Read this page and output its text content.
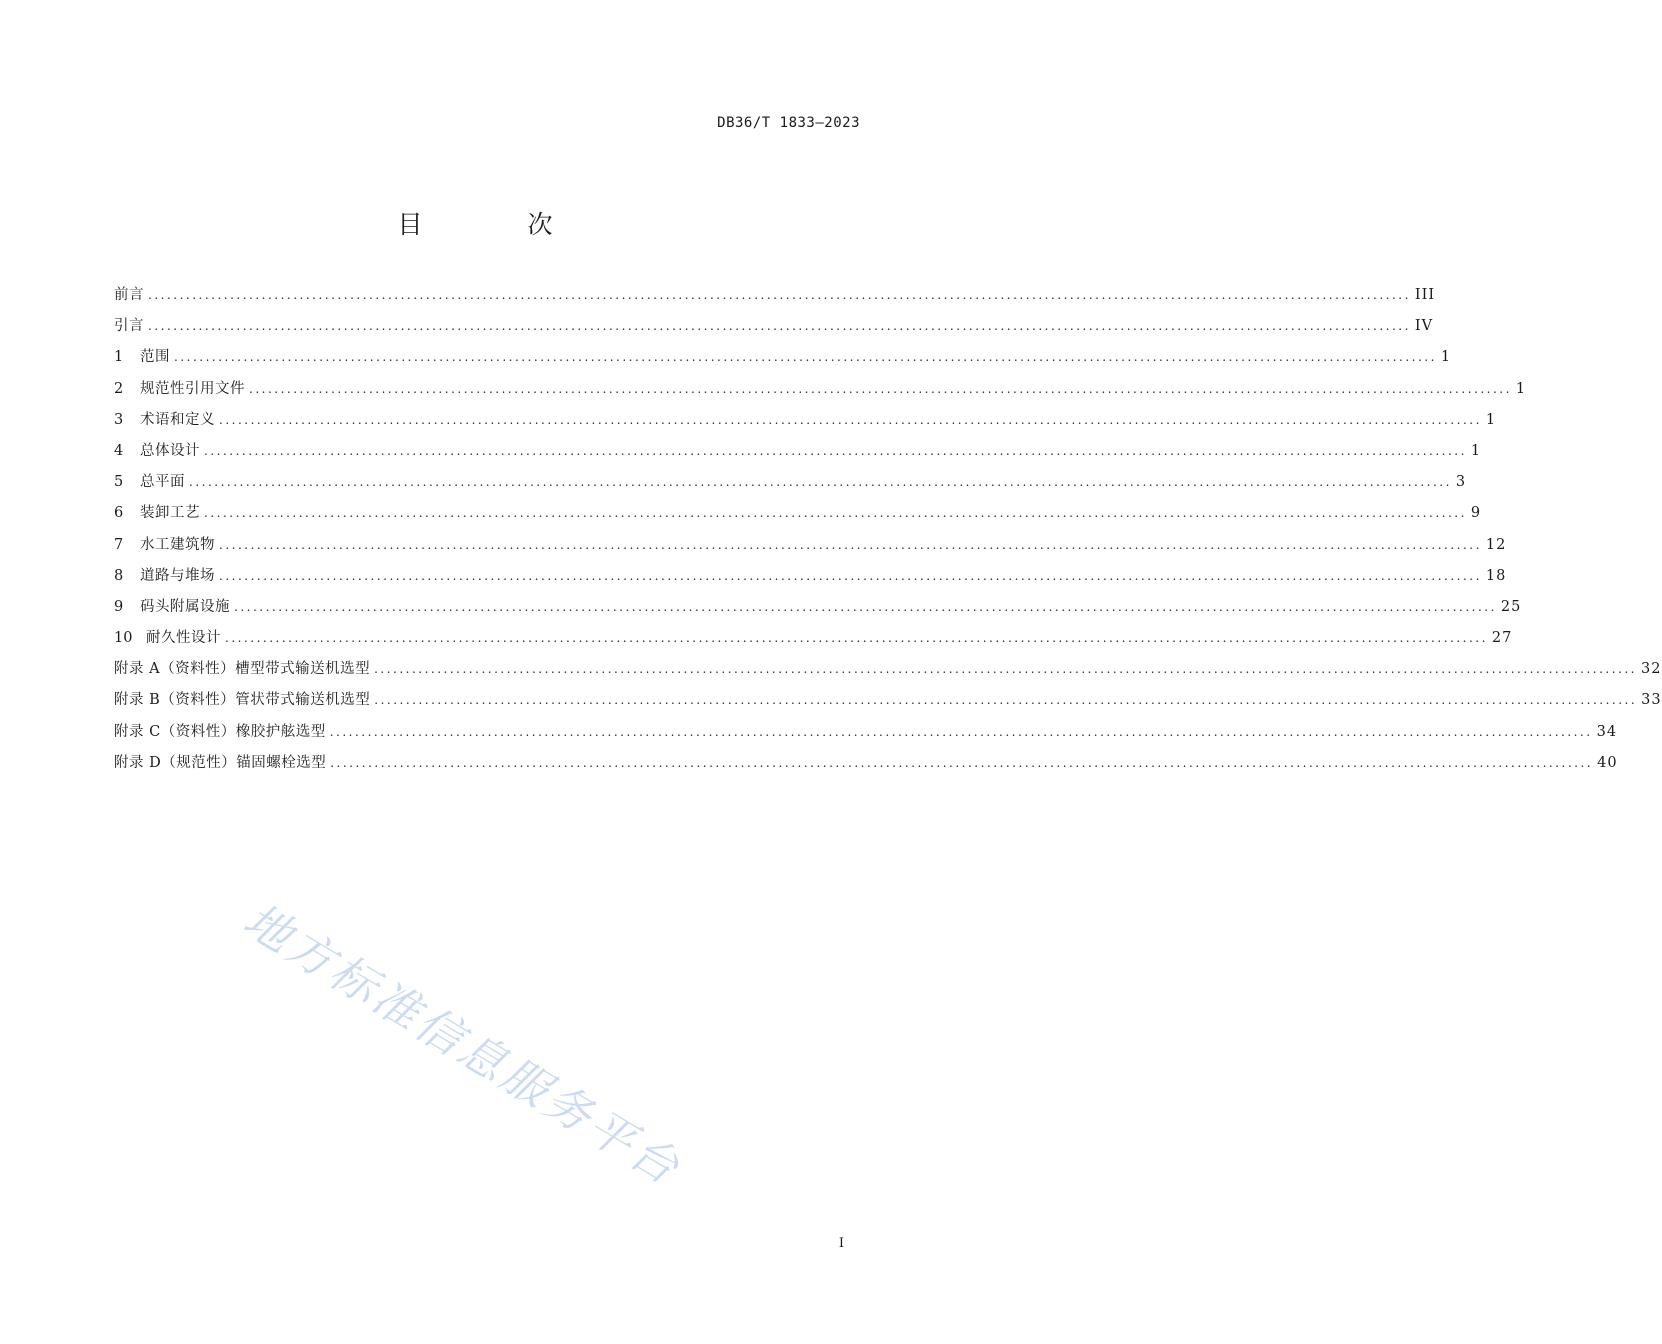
DB36/T 1833—2023
目　次
前言 ........................................................................................................................................................................................................ III
引言 ........................................................................................................................................................................................................ IV
1	范围 ........................................................................................................................................................................................................ 1
2	规范性引用文件 ........................................................................................................................................................................................................ 1
3	术语和定义 ........................................................................................................................................................................................................ 1
4	总体设计 ........................................................................................................................................................................................................ 1
5	总平面 ........................................................................................................................................................................................................ 3
6	装卸工艺 ........................................................................................................................................................................................................ 9
7	水工建筑物 ........................................................................................................................................................................................................ 12
8	道路与堆场 ........................................................................................................................................................................................................ 18
9	码头附属设施 ........................................................................................................................................................................................................ 25
10 耐久性设计 ........................................................................................................................................................................................................ 27
附录 A（资料性）槽型带式输送机选型 ........................................................................................................................................................................................................ 32
附录 B（资料性）管状带式输送机选型 ........................................................................................................................................................................................................ 33
附录 C（资料性）橡胶护舷选型 ........................................................................................................................................................................................................ 34
附录 D（规范性）锚固螺栓选型 ........................................................................................................................................................................................................ 40
地方标准信息服务平台
I
